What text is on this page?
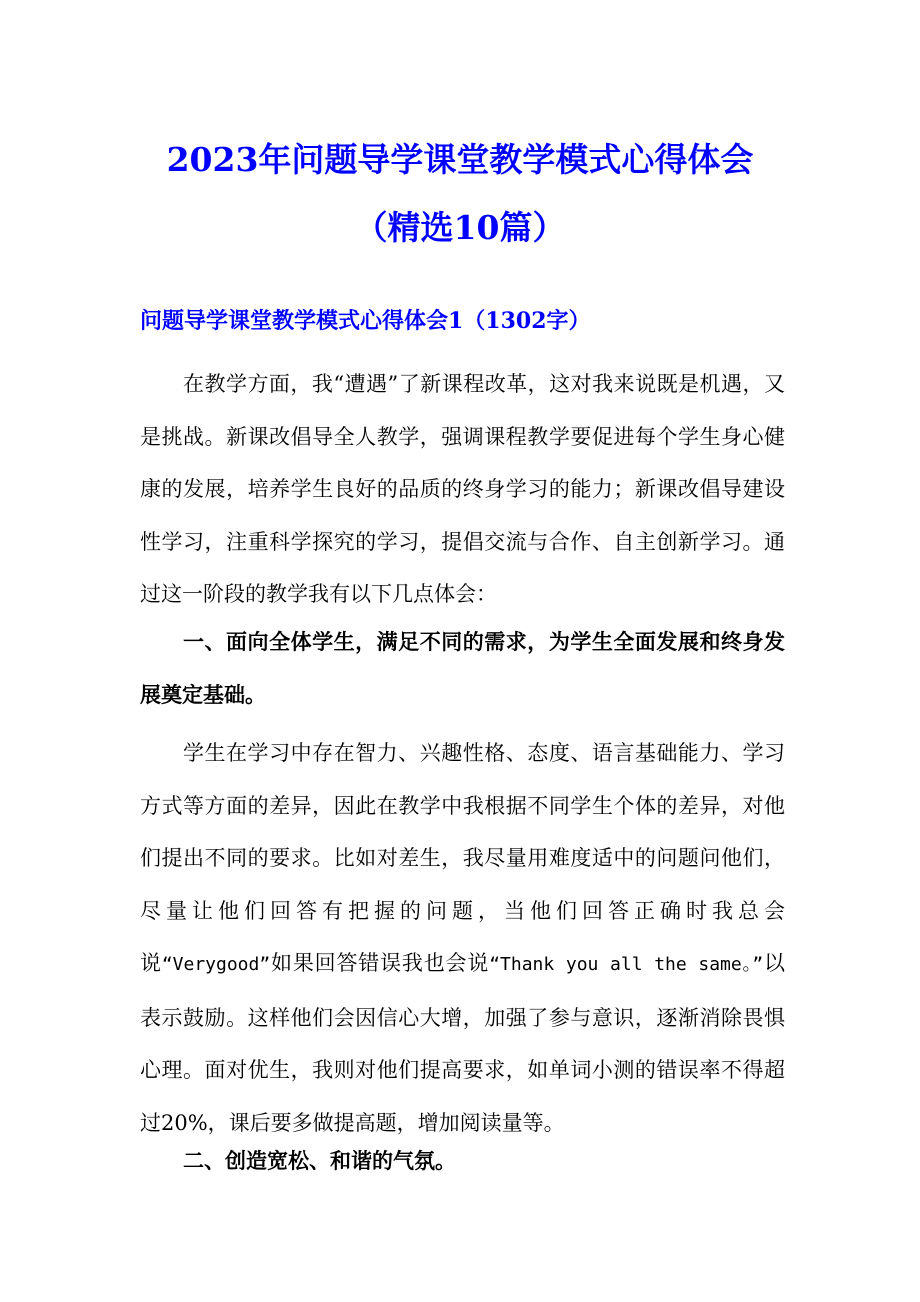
2023年问题导学课堂教学模式心得体会
（精选10篇）
问题导学课堂教学模式心得体会1（1302字）

在教学方面，我“遭遇”了新课程改革，这对我来说既是机遇，又是挑战。新课改倡导全人教学，强调课程教学要促进每个学生身心健康的发展，培养学生良好的品质的终身学习的能力；新课改倡导建设性学习，注重科学探究的学习，提倡交流与合作、自主创新学习。通过这一阶段的教学我有以下几点体会：

一、面向全体学生，满足不同的需求，为学生全面发展和终身发展奠定基础。

学生在学习中存在智力、兴趣性格、态度、语言基础能力、学习方式等方面的差异，因此在教学中我根据不同学生个体的差异，对他们提出不同的要求。比如对差生，我尽量用难度适中的问题问他们，尽量让他们回答有把握的问题，当他们回答正确时我总会说“Verygood”如果回答错误我也会说“Thank you all the same。”以表示鼓励。这样他们会因信心大增，加强了参与意识，逐渐消除畏惧心理。面对优生，我则对他们提高要求，如单词小测的错误率不得超过20%，课后要多做提高题，增加阅读量等。

二、创造宽松、和谐的气氛。
